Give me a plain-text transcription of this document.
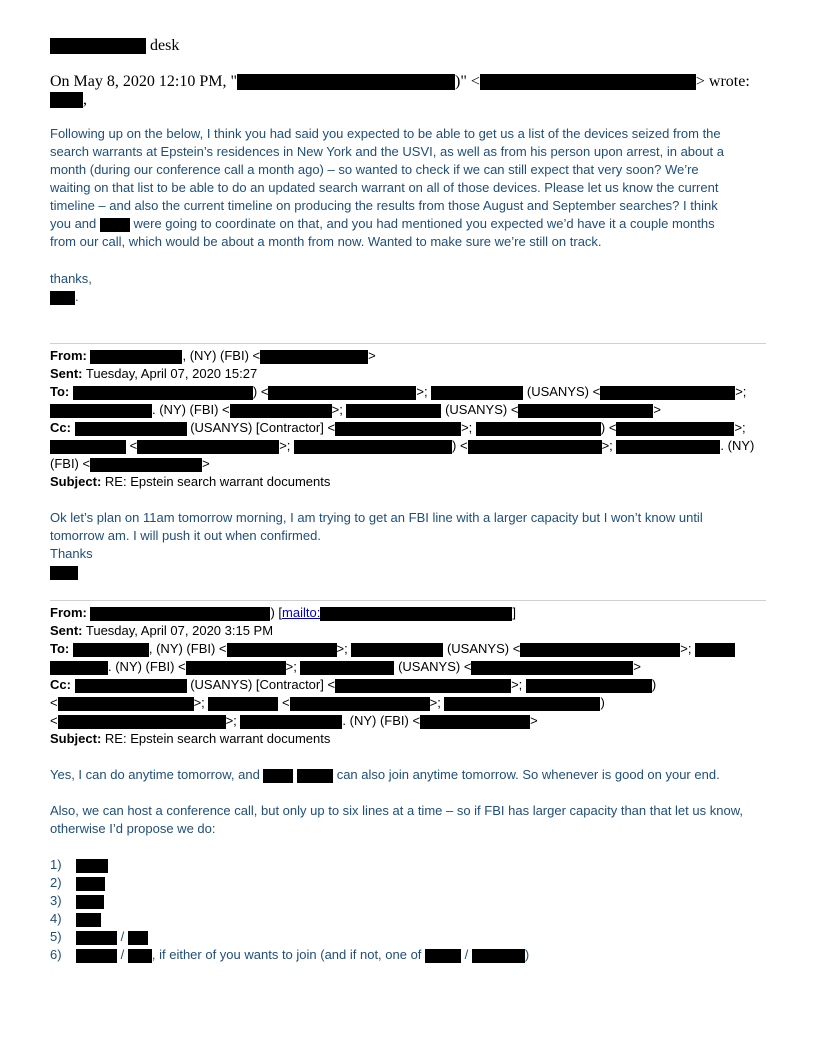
desk
On May 8, 2020 12:10 PM, "	)" <	> wrote:
,
Following up on the below, I think you had said you expected to be able to get us a list of the devices seized from the
search warrants at Epstein’s residences in New York and the USVI, as well as from his person upon arrest, in about a
month (during our conference call a month ago) – so wanted to check if we can still expect that very soon? We’re
waiting on that list to be able to do an updated search warrant on all of those devices. Please let us know the current
timeline – and also the current timeline on producing the results from those August and September searches? I think
you and	were going to coordinate on that, and you had mentioned you expected we’d have it a couple months
from our call, which would be about a month from now. Wanted to make sure we’re still on track.
thanks,
.
From:	, (NY) (FBI) <	>
Sent: Tuesday, April 07, 2020 15:27
To:	) <	>;	(USANYS) <	>;
. (NY) (FBI) <	>;	(USANYS) <	>
Cc:	(USANYS) [Contractor] <	>;	) <	>;
<	>;	) <	>;	. (NY)
(FBI) <	>
Subject: RE: Epstein search warrant documents
Ok let’s plan on 11am tomorrow morning, I am trying to get an FBI line with a larger capacity but I won’t know until
tomorrow am. I will push it out when confirmed.
Thanks
From:	) [mailto:	]
Sent: Tuesday, April 07, 2020 3:15 PM
To:	, (NY) (FBI) <	>;	(USANYS) <	>;
. (NY) (FBI) <	>;	(USANYS) <	>
Cc:	(USANYS) [Contractor] <	>;	)
<	>;	<	>;	)
<	>;	. (NY) (FBI) <	>
Subject: RE: Epstein search warrant documents
Yes, I can do anytime tomorrow, and	can also join anytime tomorrow. So whenever is good on your end.
Also, we can host a conference call, but only up to six lines at a time – so if FBI has larger capacity than that let us know,
otherwise I’d propose we do:
1)
2)
3)
4)
5)	/
6)	/ , if either of you wants to join (and if not, one of	/	)
